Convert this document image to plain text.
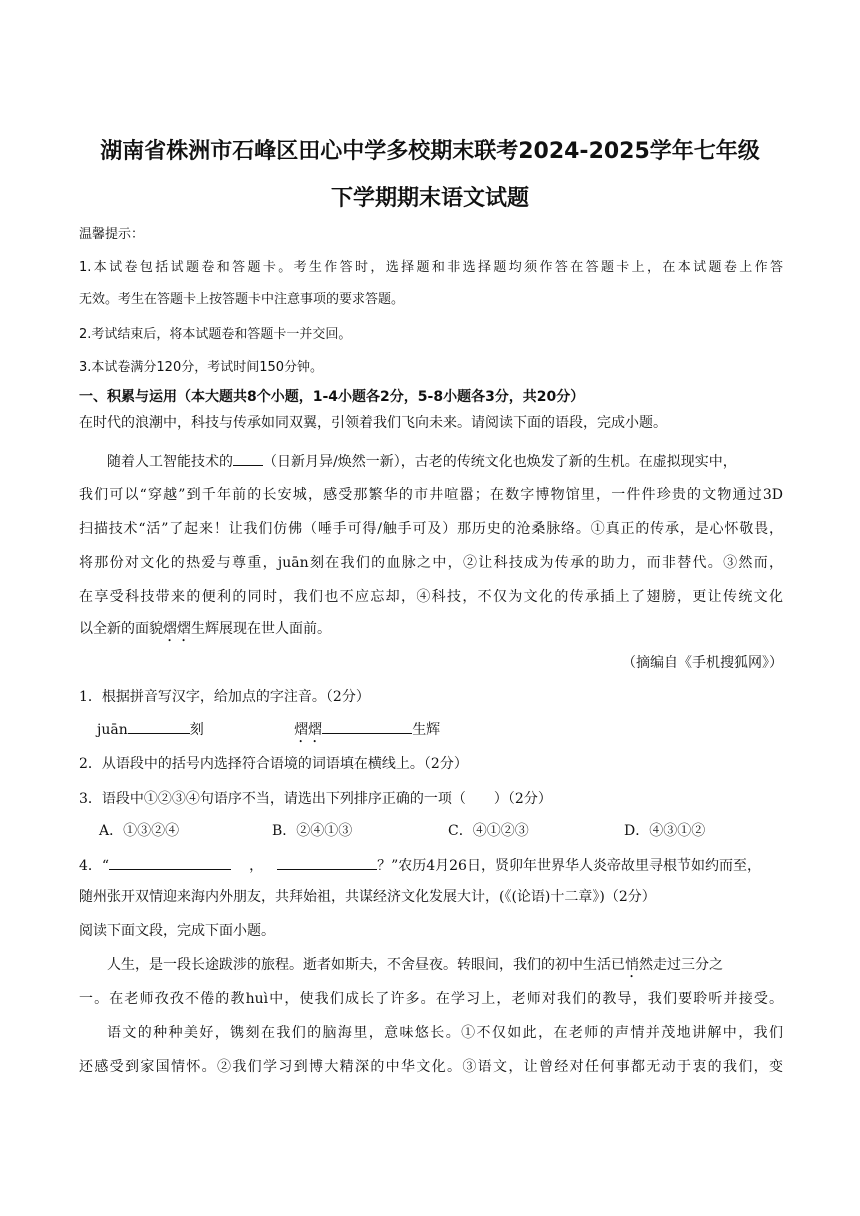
湖南省株洲市石峰区田心中学多校期末联考2024-2025学年七年级
下学期期末语文试题
温馨提示：
1.本试卷包括试题卷和答题卡。考生作答时，选择题和非选择题均须作答在答题卡上，在本试题卷上作答
无效。考生在答题卡上按答题卡中注意事项的要求答题。
2.考试结束后，将本试题卷和答题卡一并交回。
3.本试卷满分120分，考试时间150分钟。
一、积累与运用（本大题共8个小题，1-4小题各2分，5-8小题各3分，共20分）
在时代的浪潮中，科技与传承如同双翼，引领着我们飞向未来。请阅读下面的语段，完成小题。
随着人工智能技术的 （日新月异/焕然一新），古老的传统文化也焕发了新的生机。在虚拟现实中，
我们可以“穿越”到千年前的长安城，感受那繁华的市井喧嚣；在数字博物馆里，一件件珍贵的文物通过3D
扫描技术“活”了起来！让我们仿佛（唾手可得/触手可及）那历史的沧桑脉络。①真正的传承，是心怀敬畏，
将那份对文化的热爱与尊重，juān刻在我们的血脉之中，②让科技成为传承的助力，而非替代。③然而，
在享受科技带来的便利的同时，我们也不应忘却，④科技，不仅为文化的传承插上了翅膀，更让传统文化
以全新的面貌熠熠生辉展现在世人面前。
（摘编自《手机搜狐网》）
1．根据拼音写汉字，给加点的字注音。（2分）
juān	刻	熠熠	生辉
2．从语段中的括号内选择符合语境的词语填在横线上。（2分）
3．语段中①②③④句语序不当，请选出下列排序正确的一项（　　）（2分）
A．①③②④	B．②④①③	C．④①②③	D．④③①②
4．“	，	？”农历4月26日，贤卯年世界华人炎帝故里寻根节如约而至，
随州张开双情迎来海内外朋友，共拜始祖，共谋经济文化发展大计，(《(论语)十二章》)（2分）
阅读下面文段，完成下面小题。
人生，是一段长途跋涉的旅程。逝者如斯夫，不舍昼夜。转眼间，我们的初中生活已悄然走过三分之
一。在老师孜孜不倦的教huì中，使我们成长了许多。在学习上，老师对我们的教导，我们要聆听并接受。
语文的种种美好，镌刻在我们的脑海里，意味悠长。①不仅如此，在老师的声情并茂地讲解中，我们
还感受到家国情怀。②我们学习到博大精深的中华文化。③语文，让曾经对任何事都无动于衷的我们，变
